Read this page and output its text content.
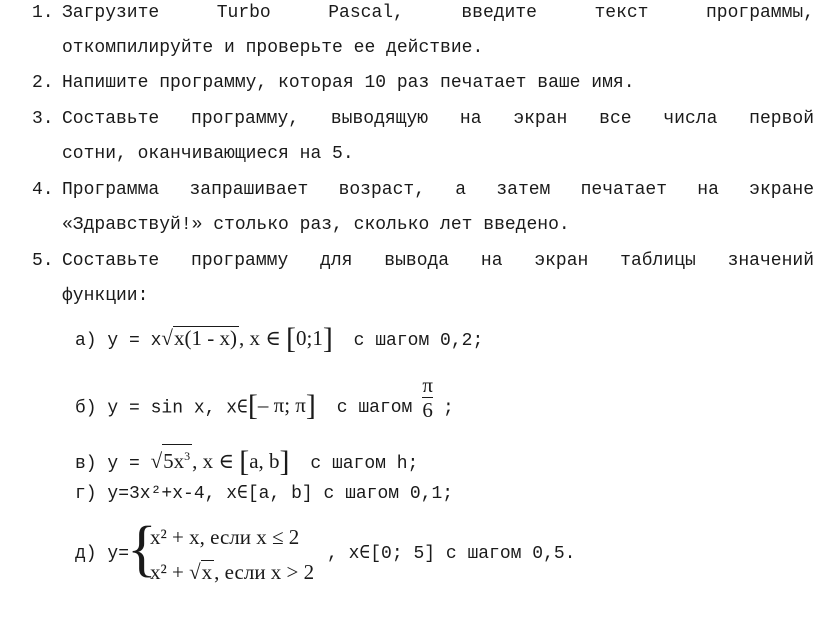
1. Загрузите Turbo Pascal, введите текст программы,
откомпилируйте и проверьте ее действие.
2. Напишите программу, которая 10 раз печатает ваше имя.
3. Составьте программу, выводящую на экран все числа первой
сотни, оканчивающиеся на 5.
4. Программа запрашивает возраст, а затем печатает на экране
«Здравствуй!» столько раз, сколько лет введено.
5. Составьте программу для вывода на экран таблицы значений
функции:
а) y = x√x(1 - x), x ∈ [0;1] с шагом 0,2;
б) y = sin x, x∈[– π; π] с шагом $\frac{\pi}{6}$ ;
в) $y = √5x^3$, x ∈ [a, b] с шагом h;
г) y=3x²+x-4, x∈[a, b] с шагом 0,1;
д) y=
{
x² + x, если x ≤ 2
x² + √x, если x > 2
, x∈[0; 5] с шагом 0,5.
